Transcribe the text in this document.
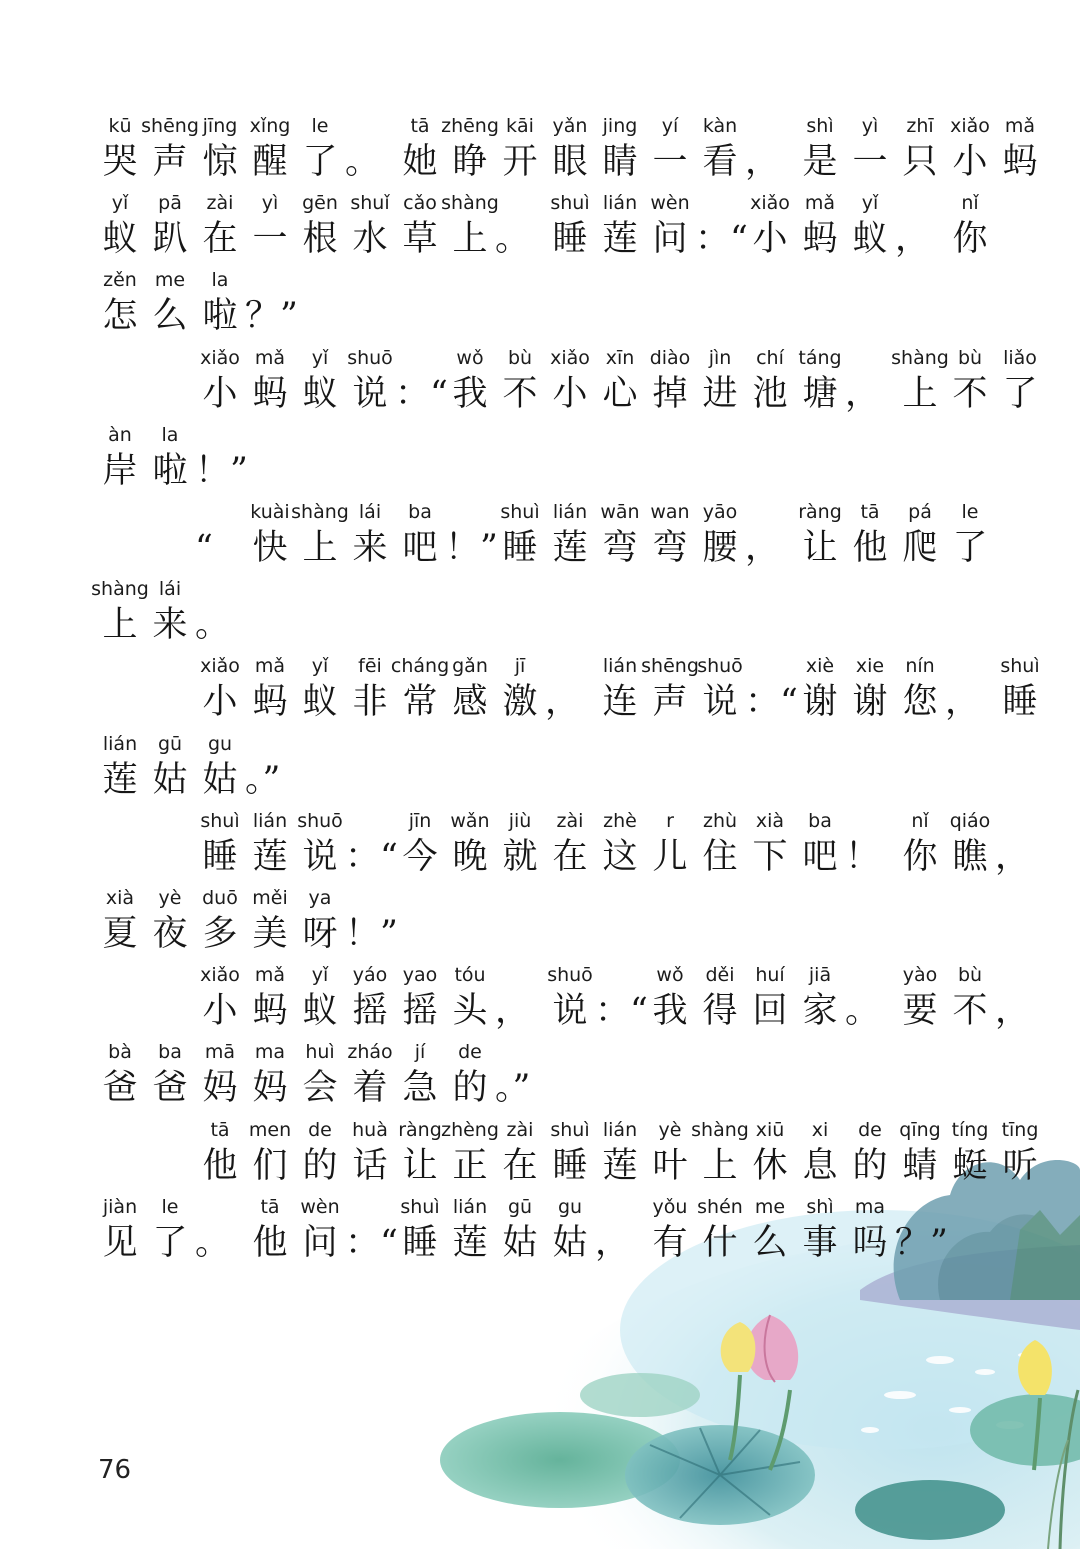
kū
哭
shēng
声
jīng
惊
xǐng
醒
le
了 。
tā
她
zhēng
睁
kāi
开
yǎn
眼
jing
睛
yí
一
kàn
看 ，
shì
是
yì
一
zhī
只
xiǎo
小
mǎ
蚂
yǐ
蚁
pā
趴
zài
在
yì
一
gēn
根
shuǐ
水
cǎo
草
shàng
上 。
shuì
睡
lián
莲
wèn
问 ：“
xiǎo
小
mǎ
蚂
yǐ
蚁 ，
nǐ
你
zěn
怎
me
么
la
啦 ？”
xiǎo
小
mǎ
蚂
yǐ
蚁
shuō
说 ：“
wǒ
我
bù
不
xiǎo
小
xīn
心
diào
掉
jìn
进
chí
池
táng
塘 ，
shàng
上
bù
不
liǎo
了
àn
岸
la
啦 ！”
“
kuài
快
shàng
上
lái
来
ba
吧 ！”
shuì
睡
lián
莲
wān
弯
wan
弯
yāo
腰 ，
ràng
让
tā
他
pá
爬
le
了
shàng
上
lái
来 。
xiǎo
小
mǎ
蚂
yǐ
蚁
fēi
非
cháng
常
gǎn
感
jī
激 ，
lián
连
shēng
声
shuō
说 ：“
xiè
谢
xie
谢
nín
您 ，
shuì
睡
lián
莲
gū
姑
gu
姑 。”
shuì
睡
lián
莲
shuō
说 ：“
jīn
今
wǎn
晚
jiù
就
zài
在
zhè
这
r
儿
zhù
住
xià
下
ba
吧 ！
nǐ
你
qiáo
瞧 ，
xià
夏
yè
夜
duō
多
měi
美
ya
呀 ！”
xiǎo
小
mǎ
蚂
yǐ
蚁
yáo
摇
yao
摇
tóu
头 ，
shuō
说 ：“
wǒ
我
děi
得
huí
回
jiā
家 。
yào
要
bù
不 ，
bà
爸
ba
爸
mā
妈
ma
妈
huì
会
zháo
着
jí
急
de
的 。”
tā
他
men
们
de
的
huà
话
ràng
让
zhèng
正
zài
在
shuì
睡
lián
莲
yè
叶
shàng
上
xiū
休
xi
息
de
的
qīng
蜻
tíng
蜓
tīng
听
jiàn
见
le
了 。
tā
他
wèn
问 ：“
shuì
睡
lián
莲
gū
姑
gu
姑 ，
yǒu
有
shén
什
me
么
shì
事
ma
吗 ？”
76
